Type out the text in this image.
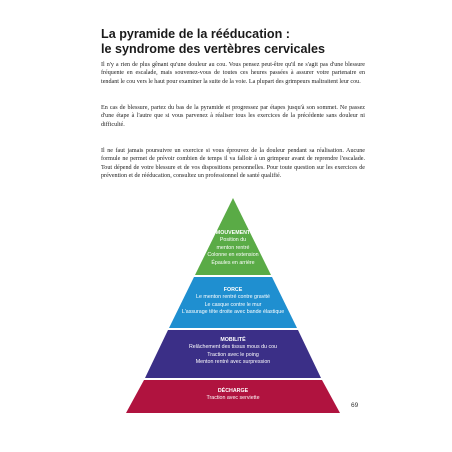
La pyramide de la rééducation :
le syndrome des vertèbres cervicales

Il n'y a rien de plus gênant qu'une douleur au cou. Vous pensez peut-être qu'il ne s'agit pas d'une blessure fréquente en escalade, mais souvenez-vous de toutes ces heures passées à assurer votre partenaire en tendant le cou vers le haut pour examiner la suite de la voie. La plupart des grimpeurs maltraitent leur cou.

En cas de blessure, partez du bas de la pyramide et progressez par étapes jusqu'à son sommet. Ne passez d'une étape à l'autre que si vous parvenez à réaliser tous les exercices de la précédente sans douleur ni difficulté.

Il ne faut jamais poursuivre un exercice si vous éprouvez de la douleur pendant sa réalisation. Aucune formule ne permet de prévoir combien de temps il va falloir à un grimpeur avant de reprendre l'escalade. Tout dépend de votre blessure et de vos dispositions personnelles. Pour toute question sur les exercices de prévention et de rééducation, consultez un professionnel de santé qualifié.

MOUVEMENT
Position du
menton rentré
Colonne en extension
Épaules en arrière
FORCE
Le menton rentré contre gravité
Le casque contre le mur
L'assurage tête droite avec bande élastique
MOBILITÉ
Relâchement des tissus mous du cou
Traction avec le poing
Menton rentré avec surpression
DÉCHARGE
Traction avec serviette
69
